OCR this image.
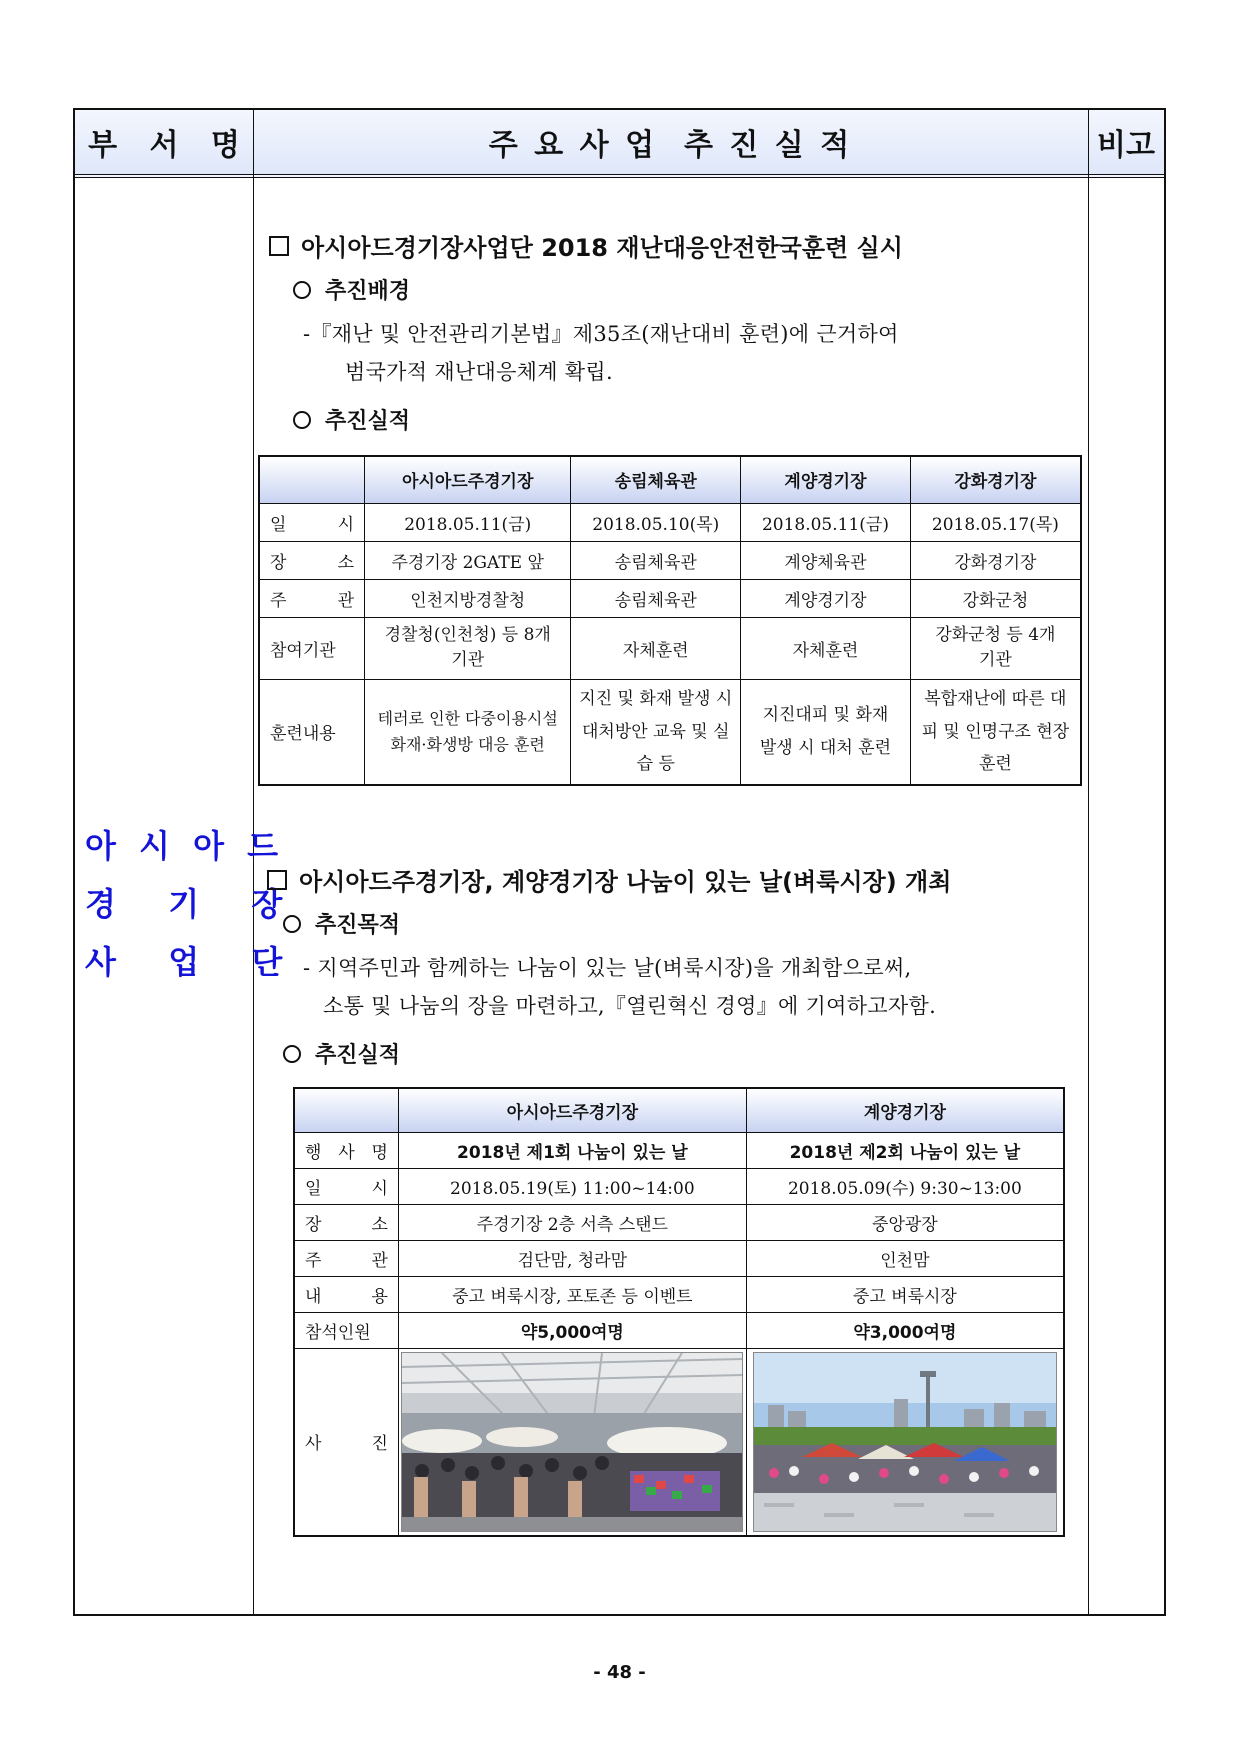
부 서 명	주 요 사 업  추 진 실 적	비고
아 시 아 드
경  기  장
사  업  단
아시아드경기장사업단 2018 재난대응안전한국훈련 실시
추진배경
-『재난 및 안전관리기본법』제35조(재난대비 훈련)에 근거하여
범국가적 재난대응체계 확립.
추진실적
	아시아드주경기장	송림체육관	계양경기장	강화경기장
일 시	2018.05.11(금)	2018.05.10(목)	2018.05.11(금)	2018.05.17(목)
장 소	주경기장 2GATE 앞	송림체육관	계양체육관	강화경기장
주 관	인천지방경찰청	송림체육관	계양경기장	강화군청
참여기관	경찰청(인천청) 등 8개 기관	자체훈련	자체훈련	강화군청 등 4개 기관
훈련내용	테러로 인한 다중이용시설 화재·화생방 대응 훈련	지진 및 화재 발생 시 대처방안 교육 및 실습 등	지진대피 및 화재 발생 시 대처 훈련	복합재난에 따른 대피 및 인명구조 현장 훈련
아시아드주경기장, 계양경기장 나눔이 있는 날(벼룩시장) 개최
추진목적
- 지역주민과 함께하는 나눔이 있는 날(벼룩시장)을 개최함으로써,
소통 및 나눔의 장을 마련하고,『열린혁신 경영』에 기여하고자함.
추진실적
	아시아드주경기장	계양경기장
행 사 명	2018년 제1회 나눔이 있는 날	2018년 제2회 나눔이 있는 날
일 시	2018.05.19(토) 11:00~14:00	2018.05.09(수) 9:30~13:00
장 소	주경기장 2층 서측 스탠드	중앙광장
주 관	검단맘, 청라맘	인천맘
내 용	중고 벼룩시장, 포토존 등 이벤트	중고 벼룩시장
참석인원	약5,000여명	약3,000여명
사 진	

- 48 -
